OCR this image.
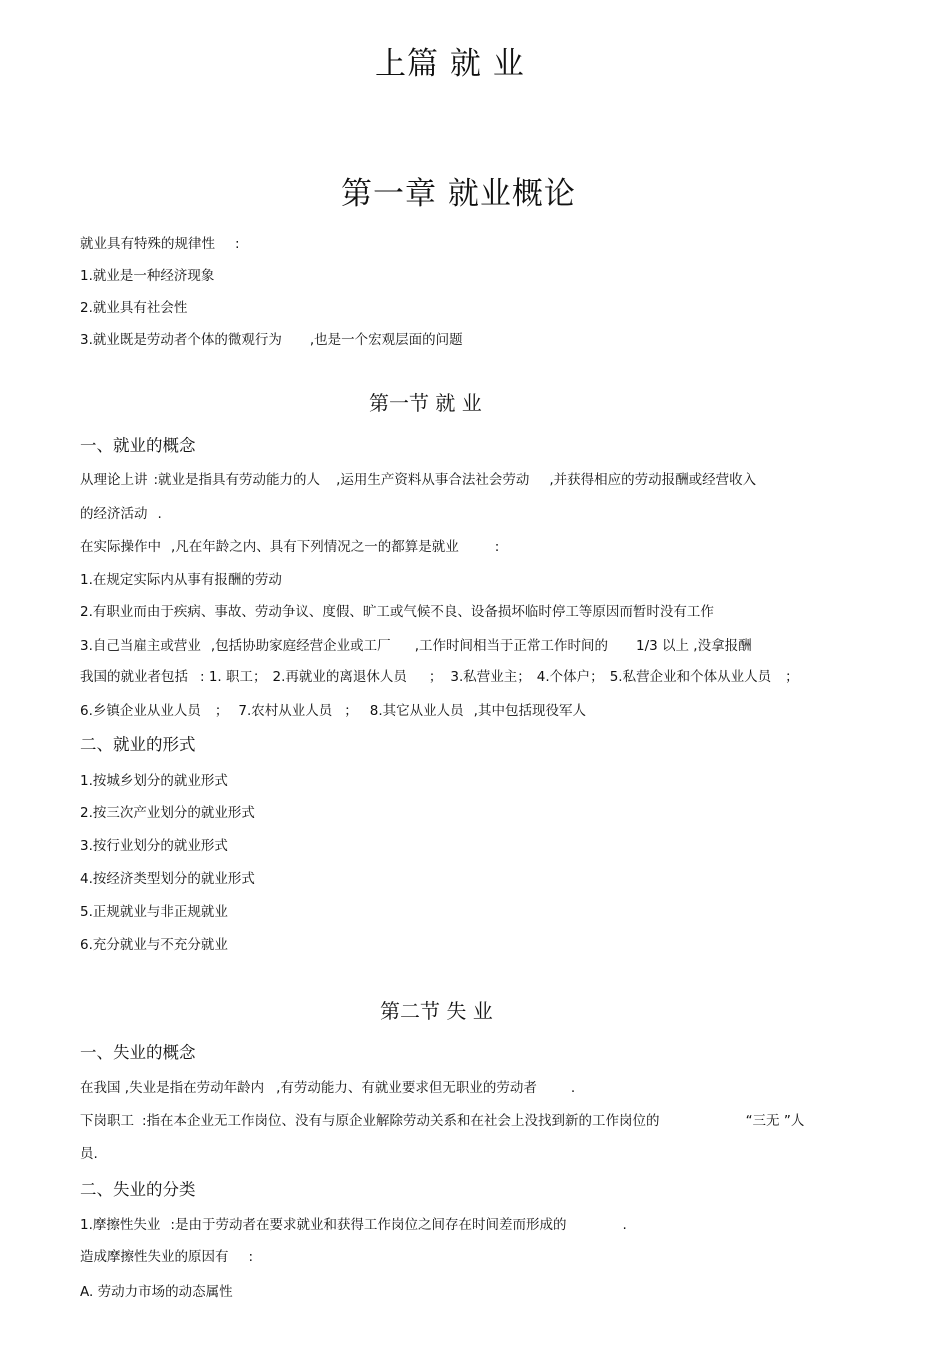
上篇 就 业
第一章 就业概论
就业具有特殊的规律性 :
1.就业是一种经济现象
2.就业具有社会性
3.就业既是劳动者个体的微观行为 ,也是一个宏观层面的问题
第一节 就 业
一、就业的概念
从理论上讲 :就业是指具有劳动能力的人 ,运用生产资料从事合法社会劳动 ,并获得相应的劳动报酬或经营收入
的经济活动 .
在实际操作中 ,凡在年龄之内、具有下列情况之一的都算是就业	:
1.在规定实际内从事有报酬的劳动
2.有职业而由于疾病、事故、劳动争议、度假、旷工或气候不良、设备损坏临时停工等原因而暂时没有工作
3.自己当雇主或营业 ,包括协助家庭经营企业或工厂 ,工作时间相当于正常工作时间的 1/3 以上 ,没拿报酬
我国的就业者包括 : 1. 职工； 2.再就业的离退休人员 ； 3.私营业主； 4.个体户； 5.私营企业和个体从业人员 ；
6.乡镇企业从业人员 ； 7.农村从业人员 ； 8.其它从业人员 ,其中包括现役军人
二、就业的形式
1.按城乡划分的就业形式
2.按三次产业划分的就业形式
3.按行业划分的就业形式
4.按经济类型划分的就业形式
5.正规就业与非正规就业
6.充分就业与不充分就业
第二节 失 业
一、失业的概念
在我国 ,失业是指在劳动年龄内 ,有劳动能力、有就业要求但无职业的劳动者	.
下岗职工 :指在本企业无工作岗位、没有与原企业解除劳动关系和在社会上没找到新的工作岗位的	“三无 ”人
员.
二、失业的分类
1.摩擦性失业 :是由于劳动者在要求就业和获得工作岗位之间存在时间差而形成的	.
造成摩擦性失业的原因有 :
A. 劳动力市场的动态属性
